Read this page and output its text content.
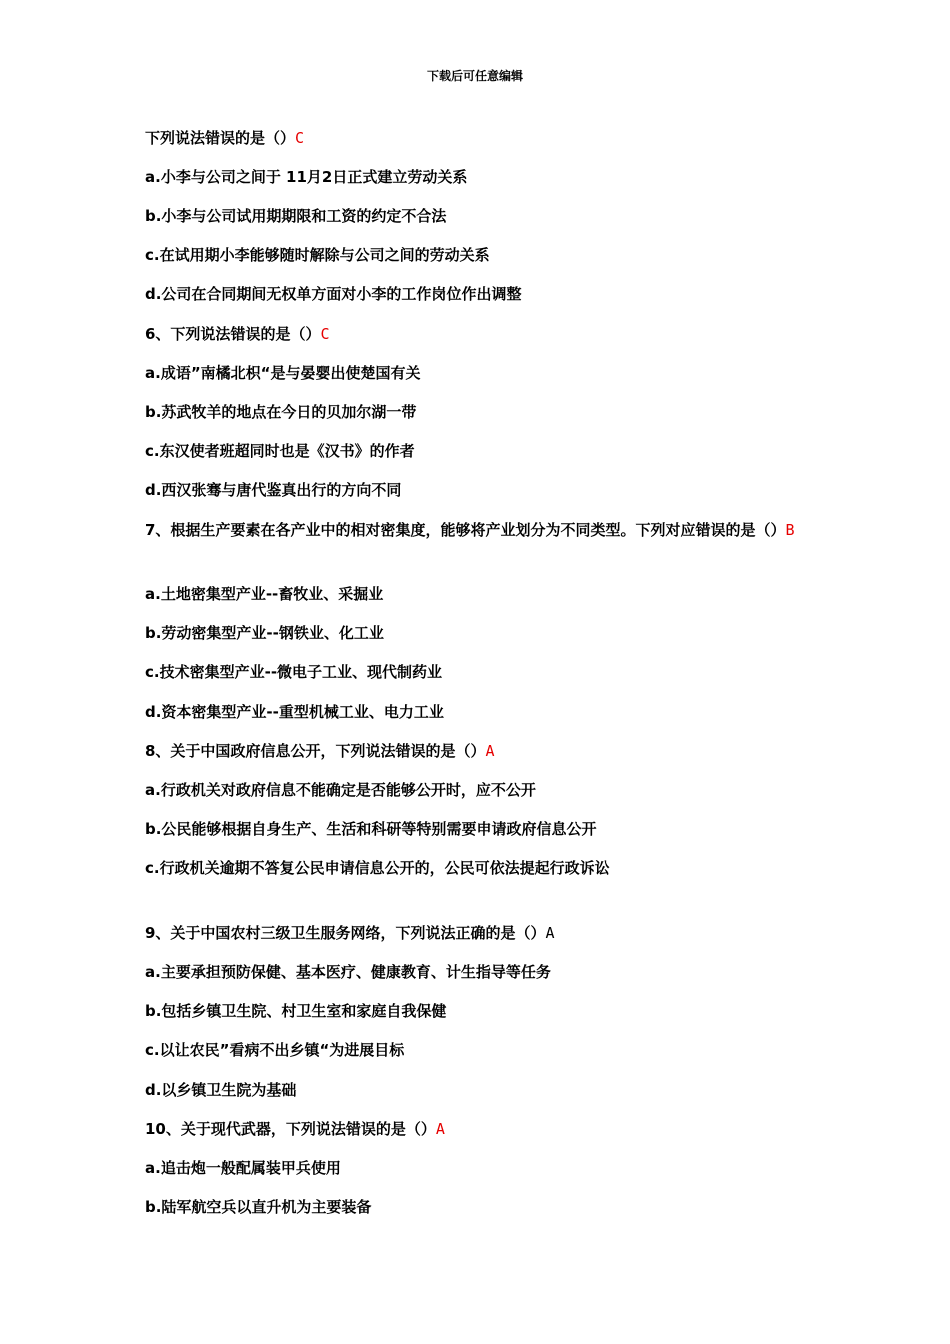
下载后可任意编辑
下列说法错误的是（）C
a.小李与公司之间于 11月2日正式建立劳动关系
b.小李与公司试用期期限和工资的约定不合法
c.在试用期小李能够随时解除与公司之间的劳动关系
d.公司在合同期间无权单方面对小李的工作岗位作出调整
6、下列说法错误的是（）C
a.成语”南橘北枳“是与晏婴出使楚国有关
b.苏武牧羊的地点在今日的贝加尔湖一带
c.东汉使者班超同时也是《汉书》的作者
d.西汉张骞与唐代鉴真出行的方向不同
7、根据生产要素在各产业中的相对密集度，能够将产业划分为不同类型。下列对应错误的是（）B
a.土地密集型产业--畜牧业、采掘业
b.劳动密集型产业--钢铁业、化工业
c.技术密集型产业--微电子工业、现代制药业
d.资本密集型产业--重型机械工业、电力工业
8、关于中国政府信息公开，下列说法错误的是（）A
a.行政机关对政府信息不能确定是否能够公开时，应不公开
b.公民能够根据自身生产、生活和科研等特别需要申请政府信息公开
c.行政机关逾期不答复公民申请信息公开的，公民可依法提起行政诉讼
9、关于中国农村三级卫生服务网络，下列说法正确的是（）A
a.主要承担预防保健、基本医疗、健康教育、计生指导等任务
b.包括乡镇卫生院、村卫生室和家庭自我保健
c.以让农民”看病不出乡镇“为进展目标
d.以乡镇卫生院为基础
10、关于现代武器，下列说法错误的是（）A
a.追击炮一般配属装甲兵使用
b.陆军航空兵以直升机为主要装备
